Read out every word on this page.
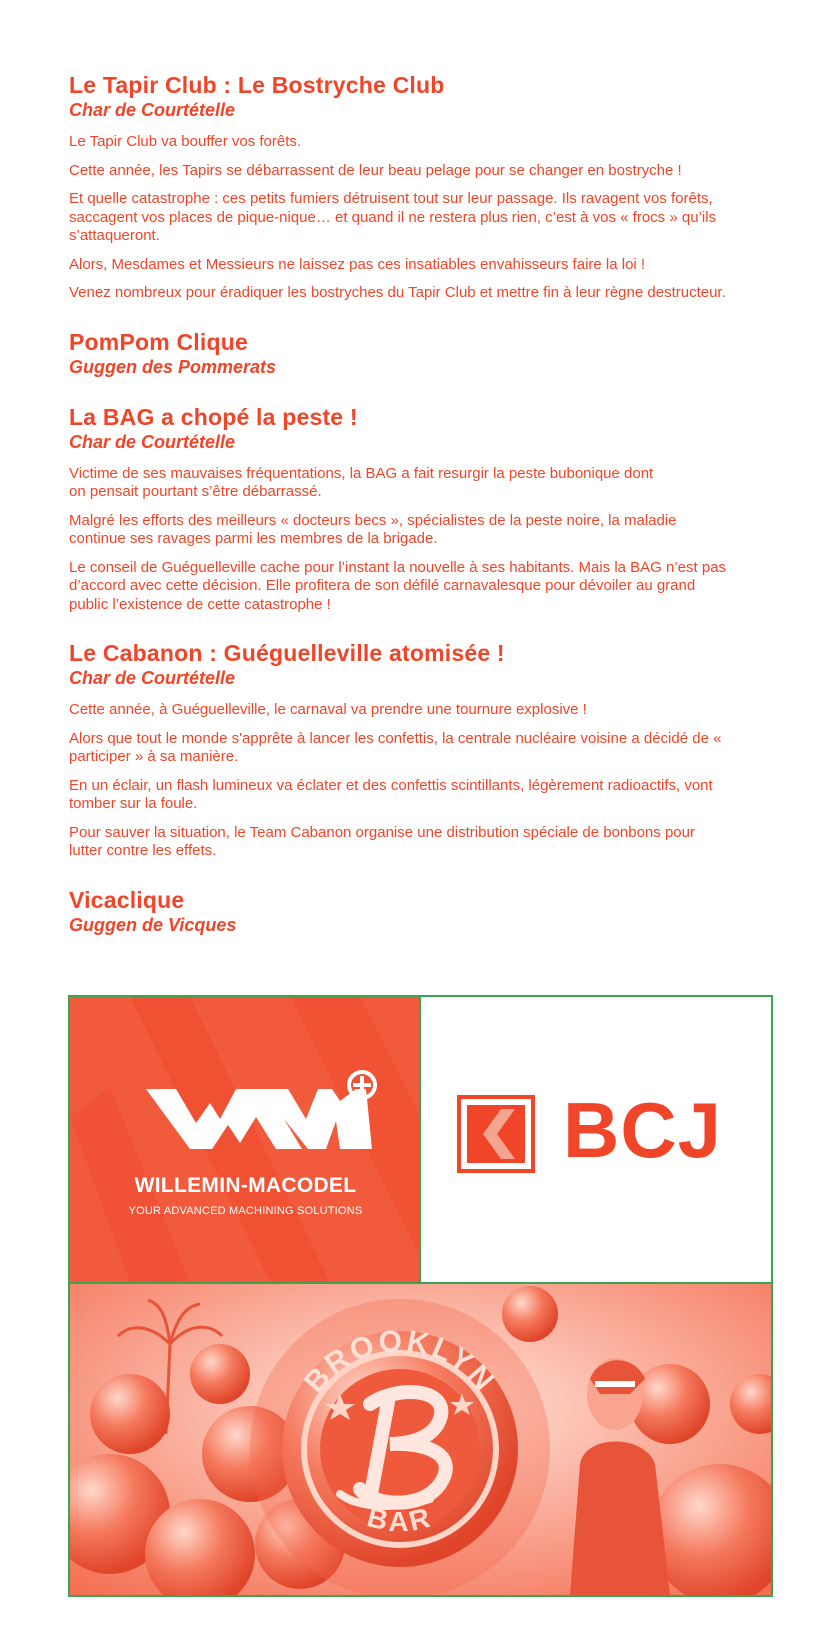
Le Tapir Club : Le Bostryche Club
Char de Courtételle

Le Tapir Club va bouffer vos forêts.

Cette année, les Tapirs se débarrassent de leur beau pelage pour se changer en bostryche !

Et quelle catastrophe : ces petits fumiers détruisent tout sur leur passage. Ils ravagent vos forêts, saccagent vos places de pique-nique… et quand il ne restera plus rien, c’est à vos « frocs » qu’ils s’attaqueront.

Alors, Mesdames et Messieurs ne laissez pas ces insatiables envahisseurs faire la loi !

Venez nombreux pour éradiquer les bostryches du Tapir Club et mettre fin à leur règne destructeur.

PomPom Clique
Guggen des Pommerats
La BAG a chopé la peste !
Char de Courtételle

Victime de ses mauvaises fréquentations, la BAG a fait resurgir la peste bubonique dont on pensait pourtant s’être débarrassé.

Malgré les efforts des meilleurs « docteurs becs », spécialistes de la peste noire, la maladie continue ses ravages parmi les membres de la brigade.

Le conseil de Guéguelleville cache pour l’instant la nouvelle à ses habitants. Mais la BAG n’est pas d’accord avec cette décision. Elle profitera de son défilé carnavalesque pour dévoiler au grand public l’existence de cette catastrophe !

Le Cabanon : Guéguelleville atomisée !
Char de Courtételle

Cette année, à Guéguelleville, le carnaval va prendre une tournure explosive !

Alors que tout le monde s'apprête à lancer les confettis, la centrale nucléaire voisine a décidé de « participer » à sa manière.

En un éclair, un flash lumineux va éclater et des confettis scintillants, légèrement radioactifs, vont tomber sur la foule.

Pour sauver la situation, le Team Cabanon organise une distribution spéciale de bonbons pour lutter contre les effets.

Vicaclique
Guggen de Vicques
WILLEMIN-MACODEL
YOUR ADVANCED MACHINING SOLUTIONS
BCJ
BROOKLYN
BAR
